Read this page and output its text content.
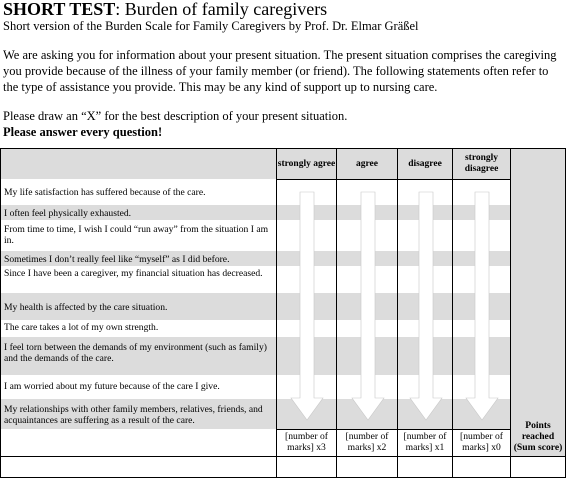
SHORT TEST: Burden of family caregivers
Short version of the Burden Scale for Family Caregivers by Prof. Dr. Elmar Gräßel
We are asking you for information about your present situation. The present situation comprises the caregiving you provide because of the illness of your family member (or friend). The following statements often refer to the type of assistance you provide. This may be any kind of support up to nursing care.
Please draw an “X” for the best description of your present situation.
Please answer every question!
strongly agree	agree	disagree
strongly disagree
My life satisfaction has suffered because of the care.
I often feel physically exhausted.
From time to time, I wish I could “run away” from the situation I am in.
Sometimes I don’t really feel like “myself” as I did before.
Since I have been a caregiver, my financial situation has decreased.
My health is affected by the care situation.
The care takes a lot of my own strength.
I feel torn between the demands of my environment (such as family) and the demands of the care.
I am worried about my future because of the care I give.
My relationships with other family members, relatives, friends, and acquaintances are suffering as a result of the care.
[number of marks] x3
[number of marks] x2
[number of marks] x1
[number of marks] x0
Points reached (Sum score)
